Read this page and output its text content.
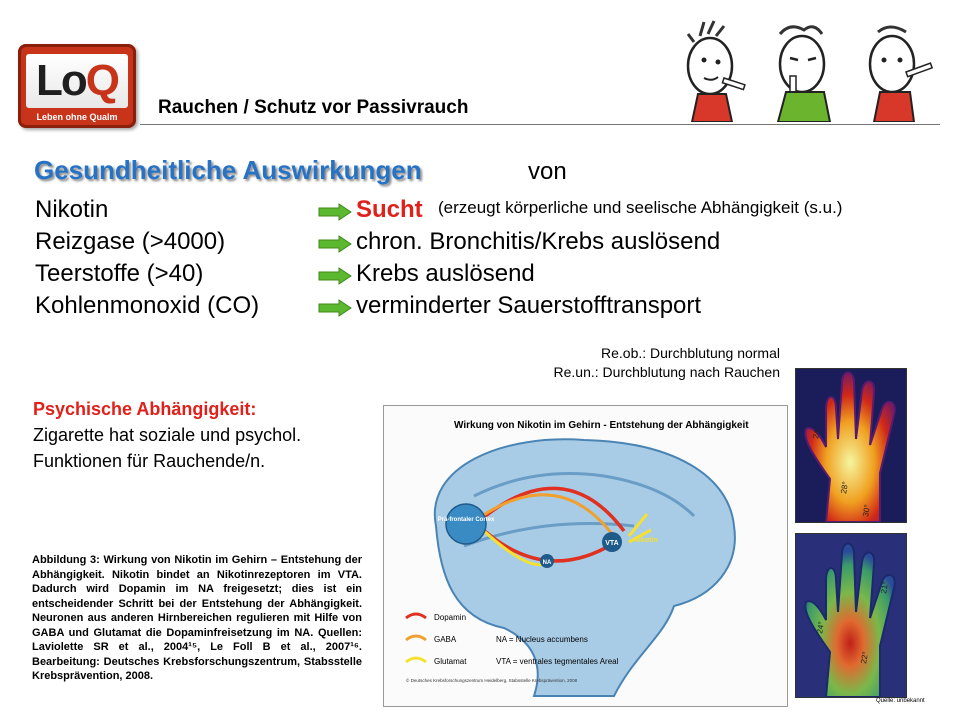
LoQ
Leben ohne Qualm	Rauchen / Schutz vor Passivrauch
Gesundheitliche Auswirkungen	von
Nikotin	Sucht (erzeugt körperliche und seelische Abhängigkeit (s.u.)
Reizgase (>4000)	chron. Bronchitis/Krebs auslösend
Teerstoffe (>40)	Krebs auslösend
Kohlenmonoxid (CO)	verminderter Sauerstofftransport
Re.ob.: Durchblutung normal
Re.un.: Durchblutung nach Rauchen
Psychische Abhängigkeit:
Zigarette hat soziale und psychol. Funktionen für Rauchende/n.
Abbildung 3: Wirkung von Nikotin im Gehirn – Entstehung der Abhängigkeit. Nikotin bindet an Nikotinrezeptoren im VTA. Dadurch wird Dopamin im NA freigesetzt; dies ist ein entscheidender Schritt bei der Entstehung der Abhängigkeit. Neuronen aus anderen Hirnbereichen regulieren mit Hilfe von GABA und Glutamat die Dopaminfreisetzung im NA. Quellen: Laviolette SR et al., 2004¹⁵, Le Foll B et al., 2007¹⁶. Bearbeitung: Deutsches Krebsforschungszentrum, Stabsstelle Krebsprävention, 2008.
Wirkung von Nikotin im Gehirn - Entstehung der Abhängigkeit
Prä-frontaler Cortex
VTA
NA
Nikotin
Dopamin
GABA
Glutamat
NA = Nucleus accumbens
VTA = ventrales tegmentales Areal
© Deutsches Krebsforschungszentrum Heidelberg, Stabsstelle Krebsprävention, 2008
24°
28°
30°
24°
22°
21°
Quelle: unbekannt
